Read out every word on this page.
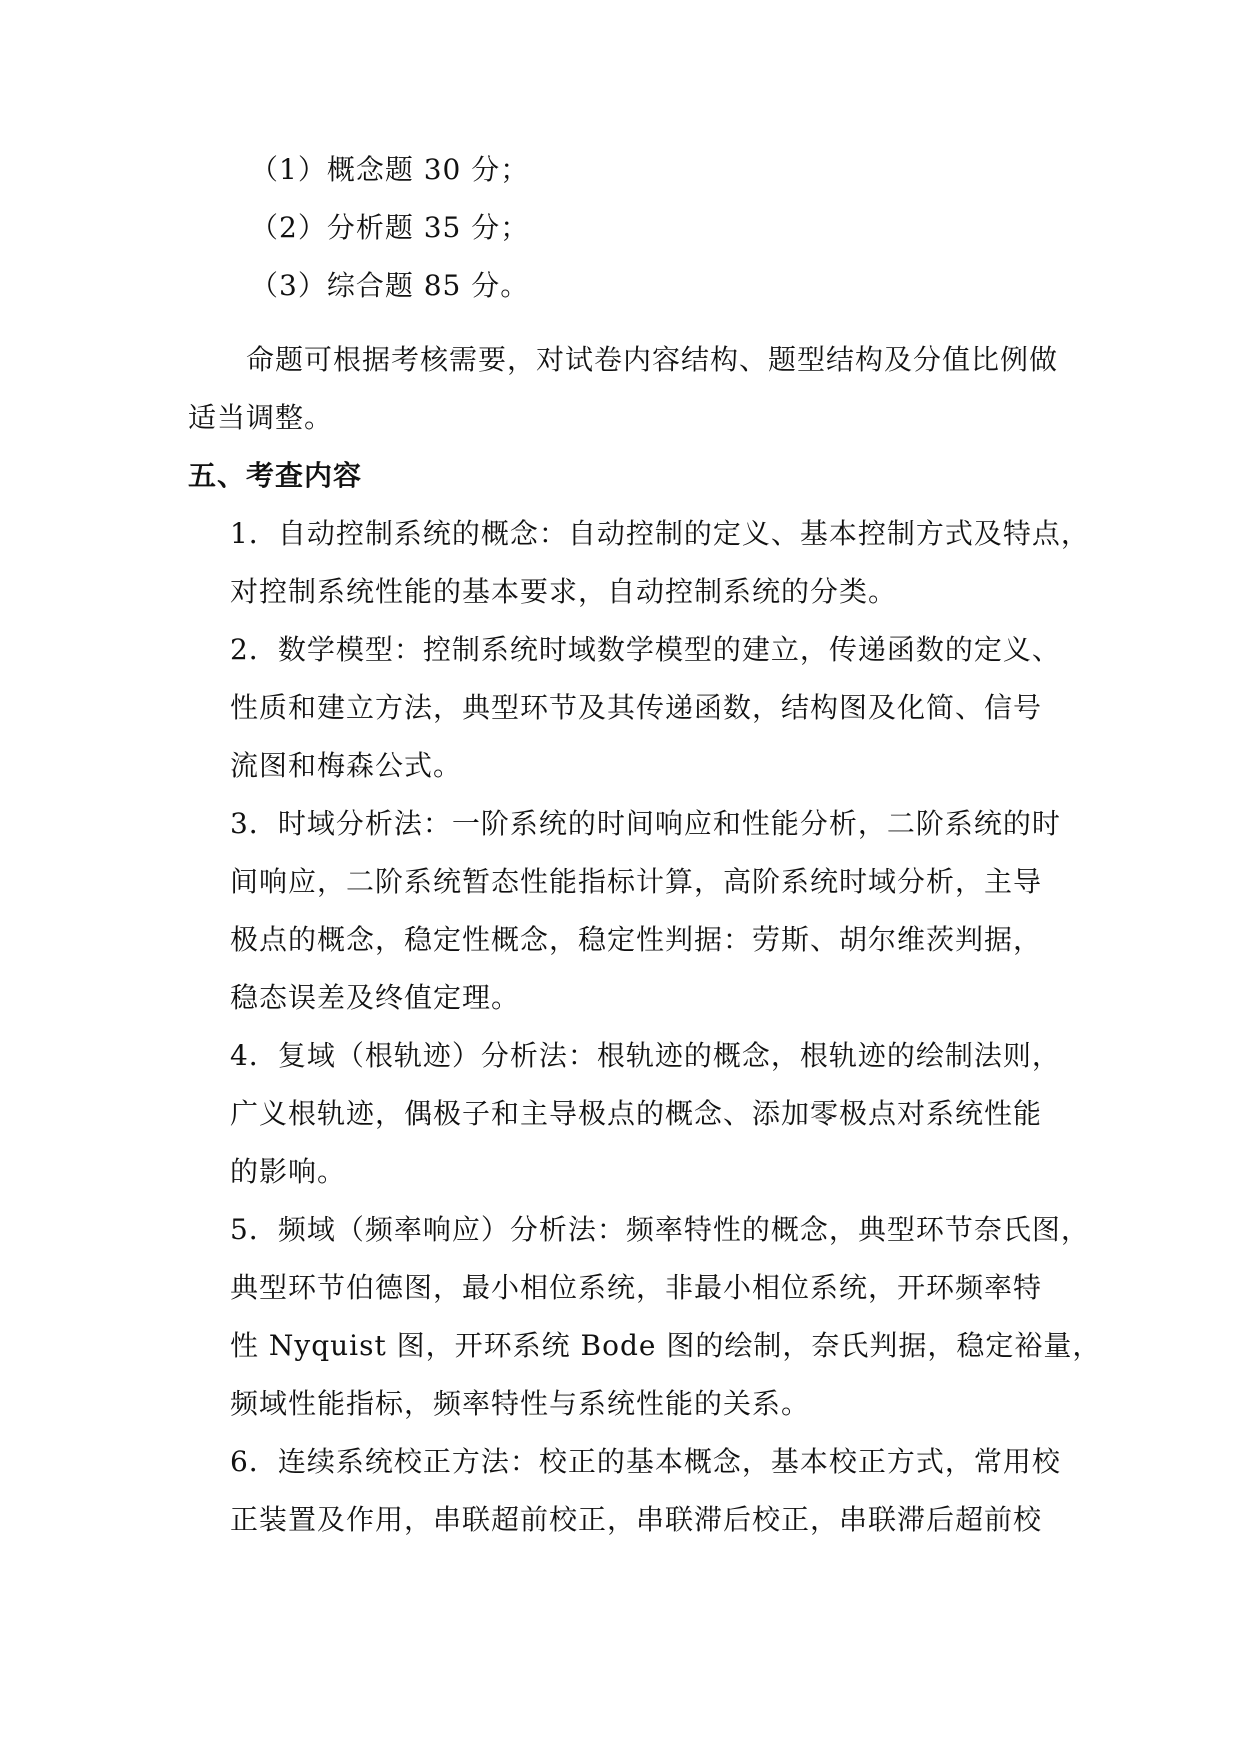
（1）概念题 30 分；
（2）分析题 35 分；
（3）综合题 85 分。
命题可根据考核需要，对试卷内容结构、题型结构及分值比例做
适当调整。
五、考查内容
1．自动控制系统的概念：自动控制的定义、基本控制方式及特点，
对控制系统性能的基本要求，自动控制系统的分类。
2．数学模型：控制系统时域数学模型的建立，传递函数的定义、
性质和建立方法，典型环节及其传递函数，结构图及化简、信号
流图和梅森公式。
3．时域分析法：一阶系统的时间响应和性能分析，二阶系统的时
间响应，二阶系统暂态性能指标计算，高阶系统时域分析，主导
极点的概念，稳定性概念，稳定性判据：劳斯、胡尔维茨判据，
稳态误差及终值定理。
4．复域（根轨迹）分析法：根轨迹的概念，根轨迹的绘制法则，
广义根轨迹，偶极子和主导极点的概念、添加零极点对系统性能
的影响。
5．频域（频率响应）分析法：频率特性的概念，典型环节奈氏图，
典型环节伯德图，最小相位系统，非最小相位系统，开环频率特
性 Nyquist 图，开环系统 Bode 图的绘制，奈氏判据，稳定裕量，
频域性能指标，频率特性与系统性能的关系。
6．连续系统校正方法：校正的基本概念，基本校正方式，常用校
正装置及作用，串联超前校正，串联滞后校正，串联滞后超前校
